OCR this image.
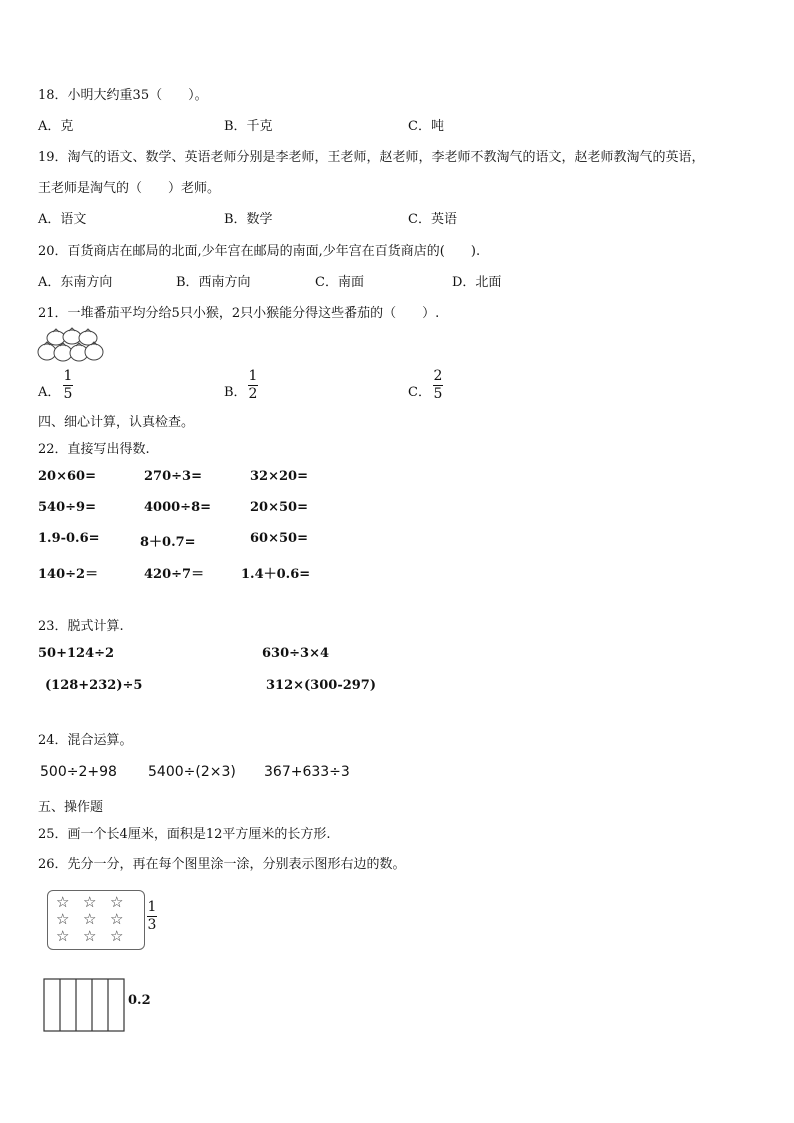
18．小明大约重35（　　）。
A．克	B．千克	C．吨
19．淘气的语文、数学、英语老师分别是李老师，王老师，赵老师，李老师不教淘气的语文，赵老师教淘气的英语，
王老师是淘气的（　　）老师。
A．语文	B．数学	C．英语
20．百货商店在邮局的北面,少年宫在邮局的南面,少年宫在百货商店的(　　).
A．东南方向	B．西南方向	C．南面	D．北面
21．一堆番茄平均分给5只小猴，2只小猴能分得这些番茄的（　　）.
A．
1
5	B．
1
2	C．
2
5
四、细心计算，认真检查。
22．直接写出得数.
20×60=	270÷3=	32×20=
540÷9=	4000÷8=	20×50=
1.9-0.6=	8＋0.7=	60×50=
140÷2＝	420÷7＝	1.4＋0.6=
23．脱式计算.
50+124÷2	630÷3×4
(128+232)÷5	312×(300-297)
24．混合运算。
500÷2+98 5400÷(2×3) 367+633÷3
五、操作题
25．画一个长4厘米，面积是12平方厘米的长方形.
26．先分一分，再在每个图里涂一涂，分别表示图形右边的数。
☆ ☆ ☆
☆ ☆ ☆
☆ ☆ ☆
1
3
0.2
